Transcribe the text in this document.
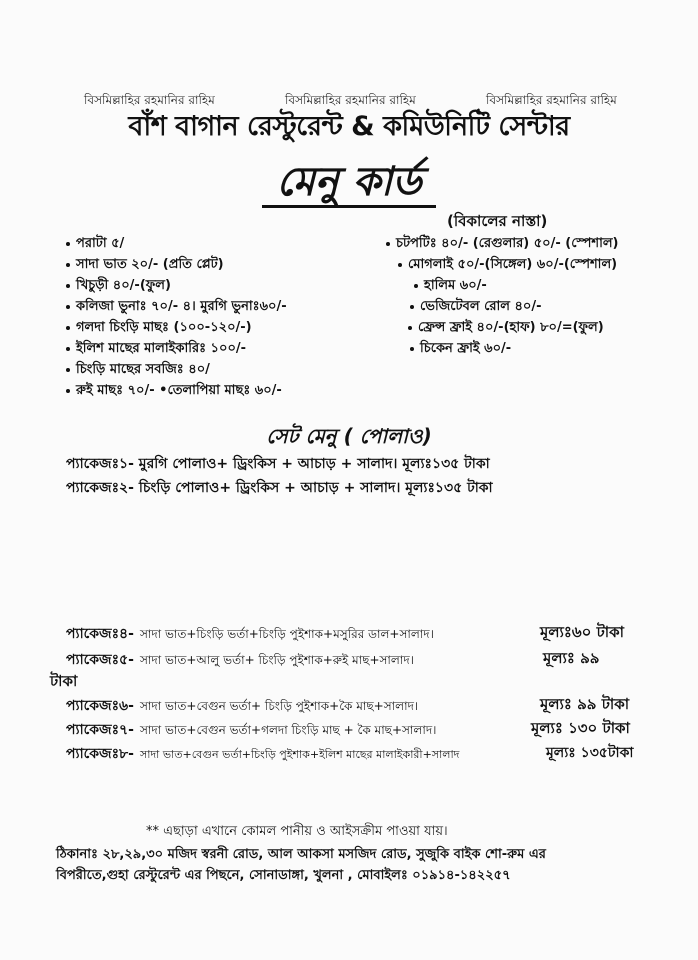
বিসমিল্লাহির রহমানির রাহিম	বিসমিল্লাহির রহমানির রাহিম	বিসমিল্লাহির রহমানির রাহিম
বাঁশ বাগান রেস্টুরেন্ট & কমিউনিটি সেন্টার
মেনু কার্ড
(বিকালের নাস্তা)
পরাটা ৫/
সাদা ভাত ২০/- (প্রতি প্লেট)
খিচুড়ী ৪০/-(ফুল)
কলিজা ভুনাঃ ৭০/- ৪। মুরগি ভুনাঃ৬০/-
গলদা চিংড়ি মাছঃ (১০০-১২০/-)
ইলিশ মাছের মালাইকারিঃ ১০০/-
চিংড়ি মাছের সবজিঃ ৪০/
রুই মাছঃ ৭০/- •তেলাপিয়া মাছঃ ৬০/-
চটপটিঃ ৪০/- (রেগুলার) ৫০/- (স্পেশাল)
মোগলাই ৫০/-(সিঙ্গেল) ৬০/-(স্পেশাল)
হালিম ৬০/-
ভেজিটেবল রোল ৪০/-
ফ্রেন্স ফ্রাই ৪০/-(হাফ) ৮০/=(ফুল)
চিকেন ফ্রাই ৬০/-
সেট মেনু ( পোলাও)
প্যাকেজঃ১- মুরগি পোলাও+ ড্রিংকিস + আচাড় + সালাদ। মূল্যঃ১৩৫ টাকা
প্যাকেজঃ২- চিংড়ি পোলাও+ ড্রিংকিস + আচাড় + সালাদ। মূল্যঃ১৩৫ টাকা
প্যাকেজঃ৪- সাদা ভাত+চিংড়ি ভর্তা+চিংড়ি পুইশাক+মসুরির ডাল+সালাদ।	মূল্যঃ৬০ টাকা
প্যাকেজঃ৫- সাদা ভাত+আলু ভর্তা+ চিংড়ি পুইশাক+রুই মাছ+সালাদ।	মূল্যঃ ৯৯
টাকা
প্যাকেজঃ৬- সাদা ভাত+বেগুন ভর্তা+ চিংড়ি পুইশাক+কৈ মাছ+সালাদ।	মূল্যঃ ৯৯ টাকা
প্যাকেজঃ৭- সাদা ভাত+বেগুন ভর্তা+গলদা চিংড়ি মাছ + কৈ মাছ+সালাদ।	মূল্যঃ ১৩০ টাকা
প্যাকেজঃ৮- সাদা ভাত+বেগুন ভর্তা+চিংড়ি পুইশাক+ইলিশ মাছের মালাইকারী+সালাদ	মূল্যঃ ১৩৫টাকা
** এছাড়া এখানে কোমল পানীয় ও আইসক্রীম পাওয়া যায়।
ঠিকানাঃ ২৮,২৯,৩০ মজিদ স্বরনী রোড, আল আকসা মসজিদ রোড, সুজুকি বাইক শো-রুম এর
বিপরীতে,গুহা রেস্টুরেন্ট এর পিছনে, সোনাডাঙ্গা, খুলনা , মোবাইলঃ ০১৯১৪-১৪২২৫৭
